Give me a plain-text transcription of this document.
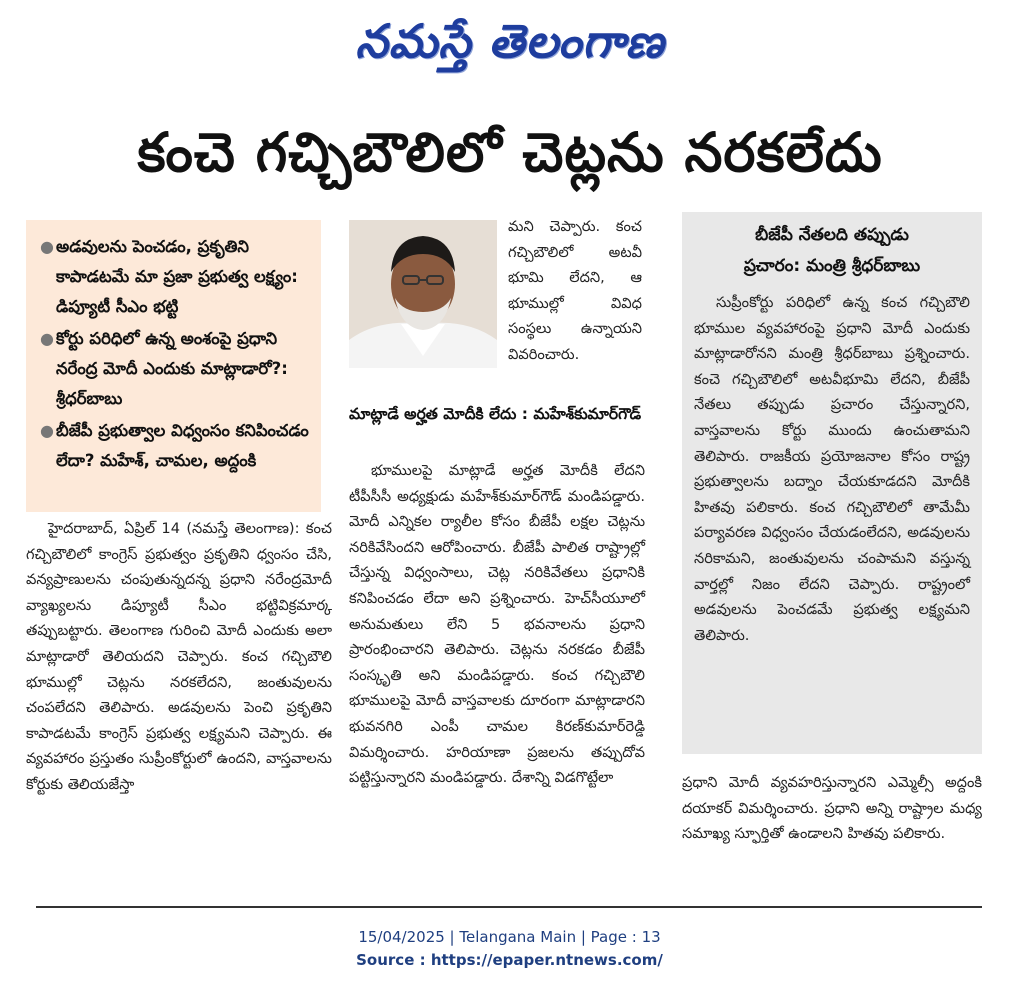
నమస్తే తెలంగాణ
కంచె గచ్చిబౌలిలో చెట్లను నరకలేదు
● అడవులను పెంచడం, ప్రకృతిని కాపాడటమే మా ప్రజా ప్రభుత్వ లక్ష్యం: డిప్యూటీ సీఎం భట్టి
● కోర్టు పరిధిలో ఉన్న అంశంపై ప్రధాని నరేంద్ర మోదీ ఎందుకు మాట్లాడారో?: శ్రీధర్‌బాబు
● బీజేపీ ప్రభుత్వాల విధ్వంసం కనిపించడం లేదా? మహేశ్‌, చామల, అద్దంకి

హైదరాబాద్‌, ఏప్రిల్‌ 14 (నమస్తే తెలంగాణ): కంచ గచ్చిబౌలిలో కాంగ్రెస్‌ ప్రభుత్వం ప్రకృతిని ధ్వంసం చేసి, వన్యప్రాణులను చంపుతున్నదన్న ప్రధాని నరేంద్రమోదీ వ్యాఖ్యలను డిప్యూటీ సీఎం భట్టివిక్రమార్క తప్పుబట్టారు. తెలంగాణ గురించి మోదీ ఎందుకు అలా మాట్లాడారో తెలియదని చెప్పారు. కంచ గచ్చిబౌలి భూముల్లో చెట్లను నరకలేదని, జంతువులను చంపలేదని తెలిపారు. అడవులను పెంచి ప్రకృతిని కాపాడటమే కాంగ్రెస్‌ ప్రభుత్వ లక్ష్యమని చెప్పారు. ఈ వ్యవహారం ప్రస్తుతం సుప్రీంకోర్టులో ఉందని, వాస్తవాలను కోర్టుకు తెలియజేస్తా

మని చెప్పారు. కంచ గచ్చిబౌలిలో అటవీ భూమి లేదని, ఆ భూముల్లో వివిధ సంస్థలు ఉన్నాయని వివరించారు.

మాట్లాడే అర్హత మోదీకి లేదు : మహేశ్‌కుమార్‌గౌడ్‌

భూములపై మాట్లాడే అర్హత మోదీకి లేదని టీపీసీసీ అధ్యక్షుడు మహేశ్‌కుమార్‌గౌడ్‌ మండిపడ్డారు. మోదీ ఎన్నికల ర్యాలీల కోసం బీజేపీ లక్షల చెట్లను నరికివేసిందని ఆరోపించారు. బీజేపీ పాలిత రాష్ట్రాల్లో చేస్తున్న విధ్వంసాలు, చెట్ల నరికివేతలు ప్రధానికి కనిపించడం లేదా అని ప్రశ్నించారు. హెచ్‌సీయూలో అనుమతులు లేని 5 భవనాలను ప్రధాని ప్రారంభించారని తెలిపారు. చెట్లను నరకడం బీజేపీ సంస్కృతి అని మండిపడ్డారు. కంచ గచ్చిబౌలి భూములపై మోదీ వాస్తవాలకు దూరంగా మాట్లాడారని భువనగిరి ఎంపీ చామల కిరణ్‌కుమార్‌రెడ్డి విమర్శించారు. హరియాణా ప్రజలను తప్పుదోవ పట్టిస్తున్నారని మండిపడ్డారు. దేశాన్ని విడగొట్టేలా

బీజేపీ నేతలది తప్పుడు
ప్రచారం: మంత్రి శ్రీధర్‌బాబు

సుప్రీంకోర్టు పరిధిలో ఉన్న కంచ గచ్చిబౌలి భూముల వ్యవహారంపై ప్రధాని మోదీ ఎందుకు మాట్లాడారోనని మంత్రి శ్రీధర్‌బాబు ప్రశ్నించారు. కంచె గచ్చిబౌలిలో అటవీభూమి లేదని, బీజేపీ నేతలు తప్పుడు ప్రచారం చేస్తున్నారని, వాస్తవాలను కోర్టు ముందు ఉంచుతామని తెలిపారు. రాజకీయ ప్రయోజనాల కోసం రాష్ట్ర ప్రభుత్వాలను బద్నాం చేయకూడదని మోదీకి హితవు పలికారు. కంచ గచ్చిబౌలిలో తామేమీ పర్యావరణ విధ్వంసం చేయడంలేదని, అడవులను నరికామని, జంతువులను చంపామని వస్తున్న వార్తల్లో నిజం లేదని చెప్పారు. రాష్ట్రంలో అడవులను పెంచడమే ప్రభుత్వ లక్ష్యమని తెలిపారు.

ప్రధాని మోదీ వ్యవహరిస్తున్నారని ఎమ్మెల్సీ అద్దంకి దయాకర్‌ విమర్శించారు. ప్రధాని అన్ని రాష్ట్రాల మధ్య సమాఖ్య స్ఫూర్తితో ఉండాలని హితవు పలికారు.

15/04/2025 | Telangana Main | Page : 13
Source : https://epaper.ntnews.com/
